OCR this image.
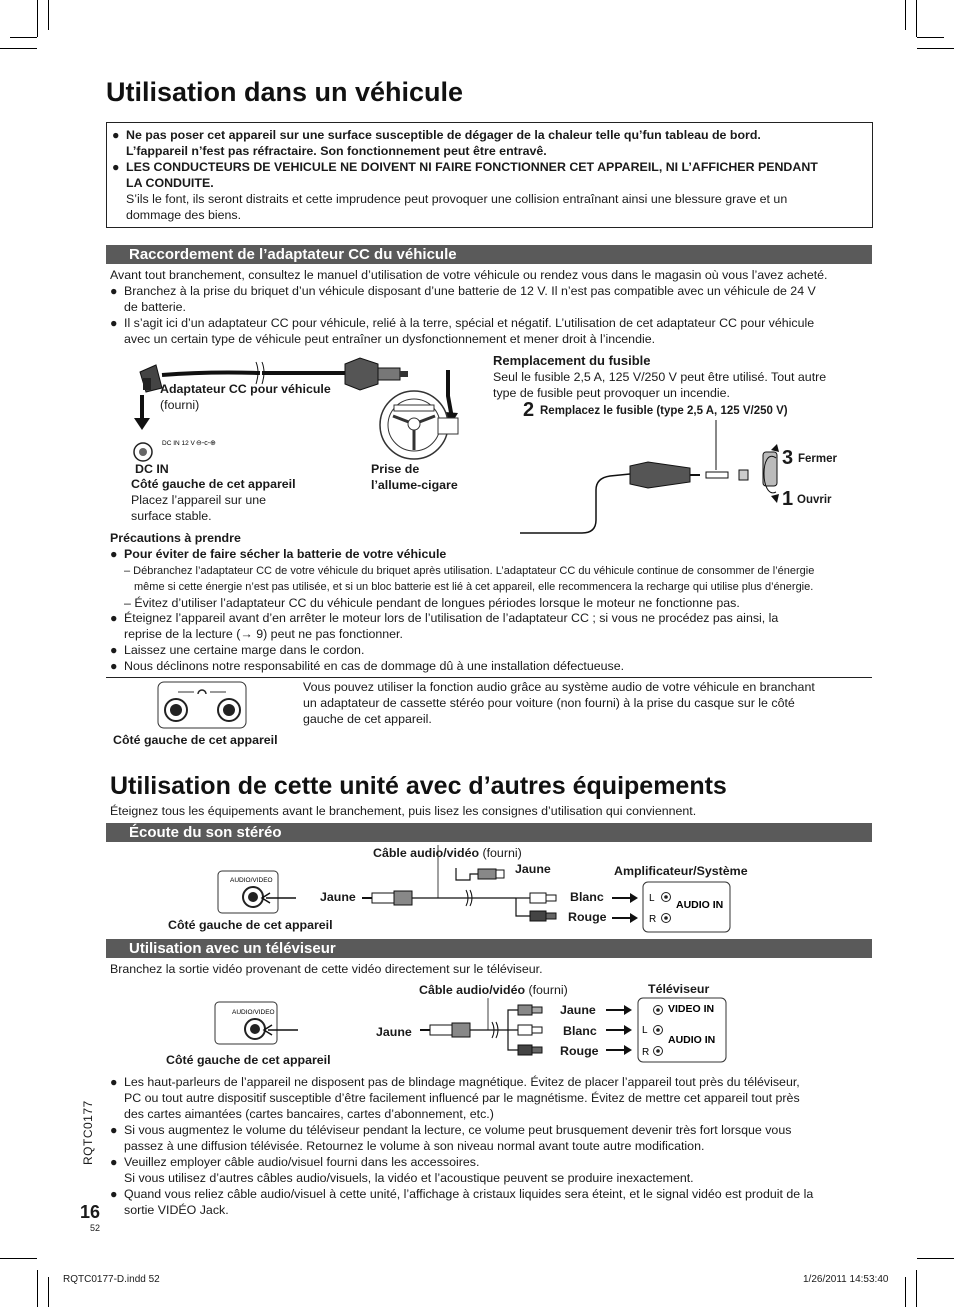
Utilisation dans un véhicule
● Ne pas poser cet appareil sur une surface susceptible de dégager de la chaleur telle qu’fun tableau de bord.
L’fappareil n’fest pas réfractaire. Son fonctionnement peut être entravê.
● LES CONDUCTEURS DE VEHICULE NE DOIVENT NI FAIRE FONCTIONNER CET APPAREIL, NI L’AFFICHER PENDANT
LA CONDUITE.
S’ils le font, ils seront distraits et cette imprudence peut provoquer une collision entraînant ainsi une blessure grave et un
dommage des biens.
Raccordement de l’adaptateur CC du véhicule
Avant tout branchement, consultez le manuel d’utilisation de votre véhicule ou rendez vous dans le magasin où vous l’avez acheté.
● Branchez à la prise du briquet d’un véhicule disposant d’une batterie de 12 V. Il n’est pas compatible avec un véhicule de 24 V
de batterie.
● Il s’agit ici d’un adaptateur CC pour véhicule, relié à la terre, spécial et négatif. L’utilisation de cet adaptateur CC pour véhicule
avec un certain type de véhicule peut entraîner un dysfonctionnement et mener droit à l’incendie.
DC IN 12 V ⊖-c-⊕
Adaptateur CC pour véhicule
(fourni)
DC IN
Côté gauche de cet appareil
Placez l’appareil sur une
surface stable.
Prise de
l’allume-cigare
Remplacement du fusible
Seul le fusible 2,5 A, 125 V/250 V peut être utilisé. Tout autre
type de fusible peut provoquer un incendie.
2 Remplacez le fusible (type 2,5 A, 125 V/250 V)
3 Fermer
1 Ouvrir
Précautions à prendre
● Pour éviter de faire sécher la batterie de votre véhicule
– Débranchez l’adaptateur CC de votre véhicule du briquet après utilisation. L’adaptateur CC du véhicule continue de consommer de l’énergie
même si cette énergie n’est pas utilisée, et si un bloc batterie est lié à cet appareil, elle recommencera la recharge qui utilise plus d’énergie.
– Évitez d’utiliser l’adaptateur CC du véhicule pendant de longues périodes lorsque le moteur ne fonctionne pas.
● Éteignez l’appareil avant d’en arrêter le moteur lors de l’utilisation de l’adaptateur CC ; si vous ne procédez pas ainsi, la
reprise de la lecture (→ 9) peut ne pas fonctionner.
● Laissez une certaine marge dans le cordon.
● Nous déclinons notre responsabilité en cas de dommage dû à une installation défectueuse.
Côté gauche de cet appareil
Vous pouvez utiliser la fonction audio grâce au système audio de votre véhicule en branchant
un adaptateur de cassette stéréo pour voiture (non fourni) à la prise du casque sur le côté
gauche de cet appareil.
Utilisation de cette unité avec d’autres équipements
Éteignez tous les équipements avant le branchement, puis lisez les consignes d’utilisation qui conviennent.
Écoute du son stéréo
AUDIO/VIDEO
L
R
AUDIO IN
Câble audio/vidéo (fourni)
Jaune
Jaune	Blanc
Rouge
Amplificateur/Système
Côté gauche de cet appareil
Utilisation avec un téléviseur
Branchez la sortie vidéo provenant de cette vidéo directement sur le téléviseur.
AUDIO/VIDEO	VIDEO IN
L
R
AUDIO IN
Câble audio/vidéo (fourni)	Téléviseur
Jaune
Jaune
Blanc
Rouge
Côté gauche de cet appareil
● Les haut-parleurs de l’appareil ne disposent pas de blindage magnétique. Évitez de placer l’appareil tout près du téléviseur,
PC ou tout autre dispositif susceptible d’être facilement influencé par le magnétisme. Évitez de mettre cet appareil tout près
des cartes aimantées (cartes bancaires, cartes d’abonnement, etc.)
● Si vous augmentez le volume du téléviseur pendant la lecture, ce volume peut brusquement devenir très fort lorsque vous
passez à une diffusion télévisée. Retournez le volume à son niveau normal avant toute autre modification.
● Veuillez employer câble audio/visuel fourni dans les accessoires.
Si vous utilisez d’autres câbles audio/visuels, la vidéo et l’acoustique peuvent se produire inexactement.
● Quand vous reliez câble audio/visuel à cette unité, l’affichage à cristaux liquides sera éteint, et le signal vidéo est produit de la
sortie VIDÉO Jack.
RQTC0177
16
52
RQTC0177-D.indd 52	1/26/2011 14:53:40
